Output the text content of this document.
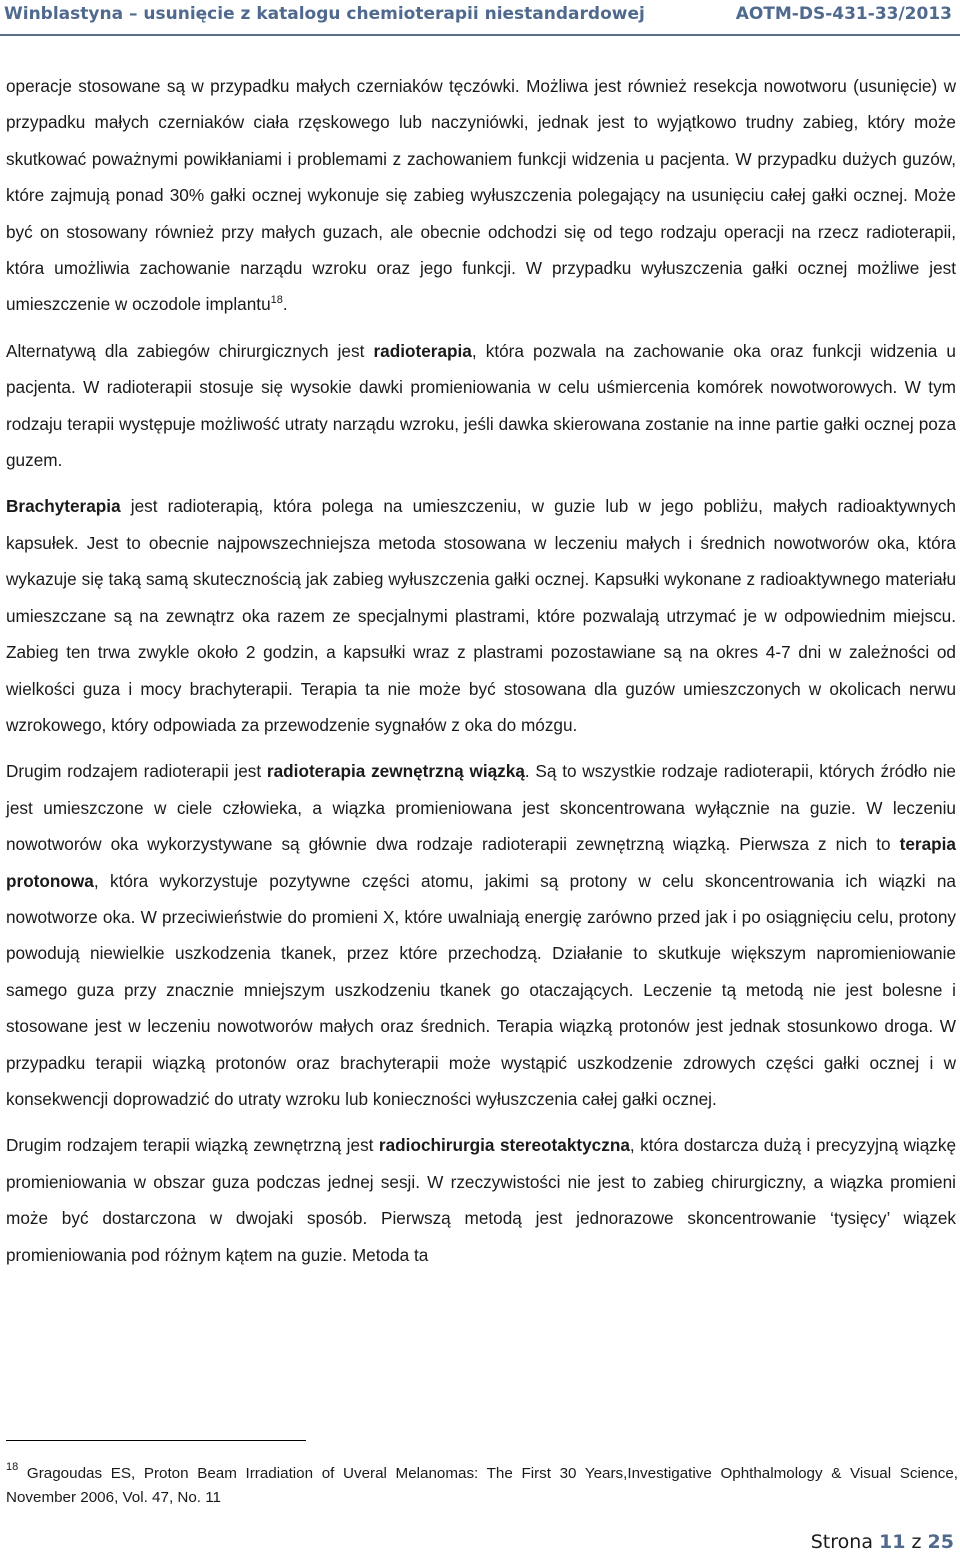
Winblastyna – usunięcie z katalogu chemioterapii niestandardowej	AOTM-DS-431-33/2013

operacje stosowane są w przypadku małych czerniaków tęczówki. Możliwa jest również resekcja nowotworu (usunięcie) w przypadku małych czerniaków ciała rzęskowego lub naczyniówki, jednak jest to wyjątkowo trudny zabieg, który może skutkować poważnymi powikłaniami i problemami z zachowaniem funkcji widzenia u pacjenta. W przypadku dużych guzów, które zajmują ponad 30% gałki ocznej wykonuje się zabieg wyłuszczenia polegający na usunięciu całej gałki ocznej. Może być on stosowany również przy małych guzach, ale obecnie odchodzi się od tego rodzaju operacji na rzecz radioterapii, która umożliwia zachowanie narządu wzroku oraz jego funkcji. W przypadku wyłuszczenia gałki ocznej możliwe jest umieszczenie w oczodole implantu$^{18}$.

Alternatywą dla zabiegów chirurgicznych jest radioterapia, która pozwala na zachowanie oka oraz funkcji widzenia u pacjenta. W radioterapii stosuje się wysokie dawki promieniowania w celu uśmiercenia komórek nowotworowych. W tym rodzaju terapii występuje możliwość utraty narządu wzroku, jeśli dawka skierowana zostanie na inne partie gałki ocznej poza guzem.

Brachyterapia jest radioterapią, która polega na umieszczeniu, w guzie lub w jego pobliżu, małych radioaktywnych kapsułek. Jest to obecnie najpowszechniejsza metoda stosowana w leczeniu małych i średnich nowotworów oka, która wykazuje się taką samą skutecznością jak zabieg wyłuszczenia gałki ocznej. Kapsułki wykonane z radioaktywnego materiału umieszczane są na zewnątrz oka razem ze specjalnymi plastrami, które pozwalają utrzymać je w odpowiednim miejscu. Zabieg ten trwa zwykle około 2 godzin, a kapsułki wraz z plastrami pozostawiane są na okres 4-7 dni w zależności od wielkości guza i mocy brachyterapii. Terapia ta nie może być stosowana dla guzów umieszczonych w okolicach nerwu wzrokowego, który odpowiada za przewodzenie sygnałów z oka do mózgu.

Drugim rodzajem radioterapii jest radioterapia zewnętrzną wiązką. Są to wszystkie rodzaje radioterapii, których źródło nie jest umieszczone w ciele człowieka, a wiązka promieniowana jest skoncentrowana wyłącznie na guzie. W leczeniu nowotworów oka wykorzystywane są głównie dwa rodzaje radioterapii zewnętrzną wiązką. Pierwsza z nich to terapia protonowa, która wykorzystuje pozytywne części atomu, jakimi są protony w celu skoncentrowania ich wiązki na nowotworze oka. W przeciwieństwie do promieni X, które uwalniają energię zarówno przed jak i po osiągnięciu celu, protony powodują niewielkie uszkodzenia tkanek, przez które przechodzą. Działanie to skutkuje większym napromieniowanie samego guza przy znacznie mniejszym uszkodzeniu tkanek go otaczających. Leczenie tą metodą nie jest bolesne i stosowane jest w leczeniu nowotworów małych oraz średnich. Terapia wiązką protonów jest jednak stosunkowo droga. W przypadku terapii wiązką protonów oraz brachyterapii może wystąpić uszkodzenie zdrowych części gałki ocznej i w konsekwencji doprowadzić do utraty wzroku lub konieczności wyłuszczenia całej gałki ocznej.

Drugim rodzajem terapii wiązką zewnętrzną jest radiochirurgia stereotaktyczna, która dostarcza dużą i precyzyjną wiązkę promieniowania w obszar guza podczas jednej sesji. W rzeczywistości nie jest to zabieg chirurgiczny, a wiązka promieni może być dostarczona w dwojaki sposób. Pierwszą metodą jest jednorazowe skoncentrowanie ‘tysięcy’ wiązek promieniowania pod różnym kątem na guzie. Metoda ta

$^{18}$ Gragoudas ES, Proton Beam Irradiation of Uveral Melanomas: The First 30 Years,Investigative Ophthalmology & Visual Science, November 2006, Vol. 47, No. 11
Strona 11 z 25
